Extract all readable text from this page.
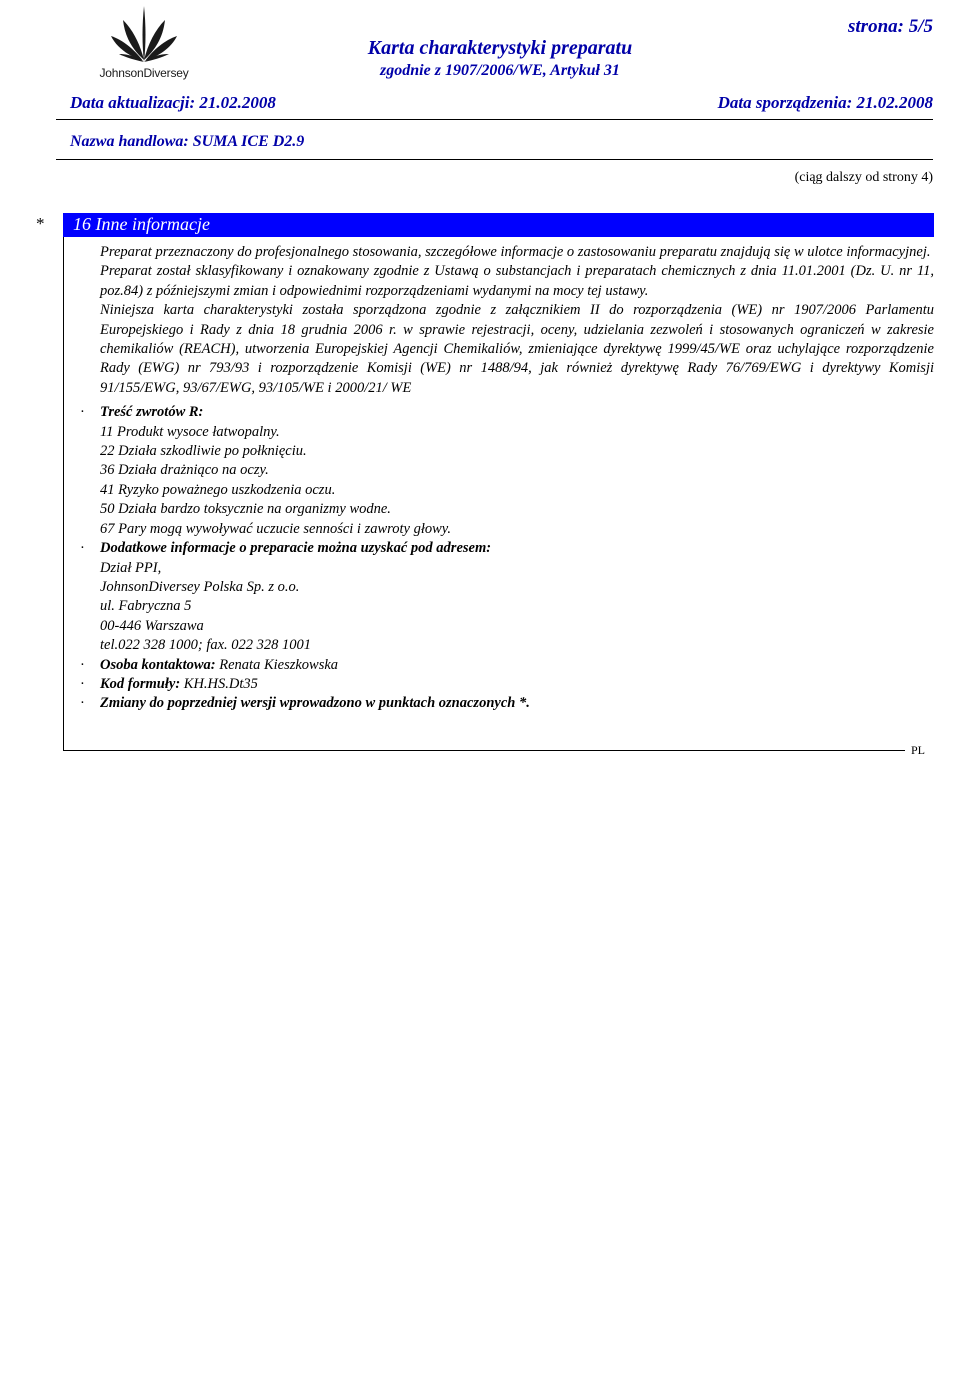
JohnsonDiversey
strona: 5/5
Karta charakterystyki preparatu
zgodnie z 1907/2006/WE, Artykuł 31
Data aktualizacji: 21.02.2008	Data sporządzenia: 21.02.2008
Nazwa handlowa: SUMA ICE D2.9
(ciąg dalszy od strony 4)
* 16 Inne informacje
PL

Preparat przeznaczony do profesjonalnego stosowania, szczegółowe informacje o zastosowaniu preparatu znajdują się w ulotce informacyjnej.

Preparat został sklasyfikowany i oznakowany zgodnie z Ustawą o substancjach i preparatach chemicznych z dnia 11.01.2001 (Dz. U. nr 11, poz.84) z późniejszymi zmian i odpowiednimi rozporządzeniami wydanymi na mocy tej ustawy.

Niniejsza karta charakterystyki została sporządzona zgodnie z załącznikiem II do rozporządzenia (WE) nr 1907/2006 Parlamentu Europejskiego i Rady z dnia 18 grudnia 2006 r. w sprawie rejestracji, oceny, udzielania zezwoleń i stosowanych ograniczeń w zakresie chemikaliów (REACH), utworzenia Europejskiej Agencji Chemikaliów, zmieniające dyrektywę 1999/45/WE oraz uchylające rozporządzenie Rady (EWG) nr 793/93 i rozporządzenie Komisji (WE) nr 1488/94, jak również dyrektywę Rady 76/769/EWG i dyrektywy Komisji 91/155/EWG, 93/67/EWG, 93/105/WE i 2000/21/ WE

· Treść zwrotów R:

11 Produkt wysoce łatwopalny.

22 Działa szkodliwie po połknięciu.

36 Działa drażniąco na oczy.

41 Ryzyko poważnego uszkodzenia oczu.

50 Działa bardzo toksycznie na organizmy wodne.

67 Pary mogą wywoływać uczucie senności i zawroty głowy.

· Dodatkowe informacje o preparacie można uzyskać pod adresem:

Dział PPI,

JohnsonDiversey Polska Sp. z o.o.

ul. Fabryczna 5

00-446 Warszawa

tel.022 328 1000; fax. 022 328 1001

· Osoba kontaktowa: Renata Kieszkowska

· Kod formuły: KH.HS.Dt35

· Zmiany do poprzedniej wersji wprowadzono w punktach oznaczonych *.
